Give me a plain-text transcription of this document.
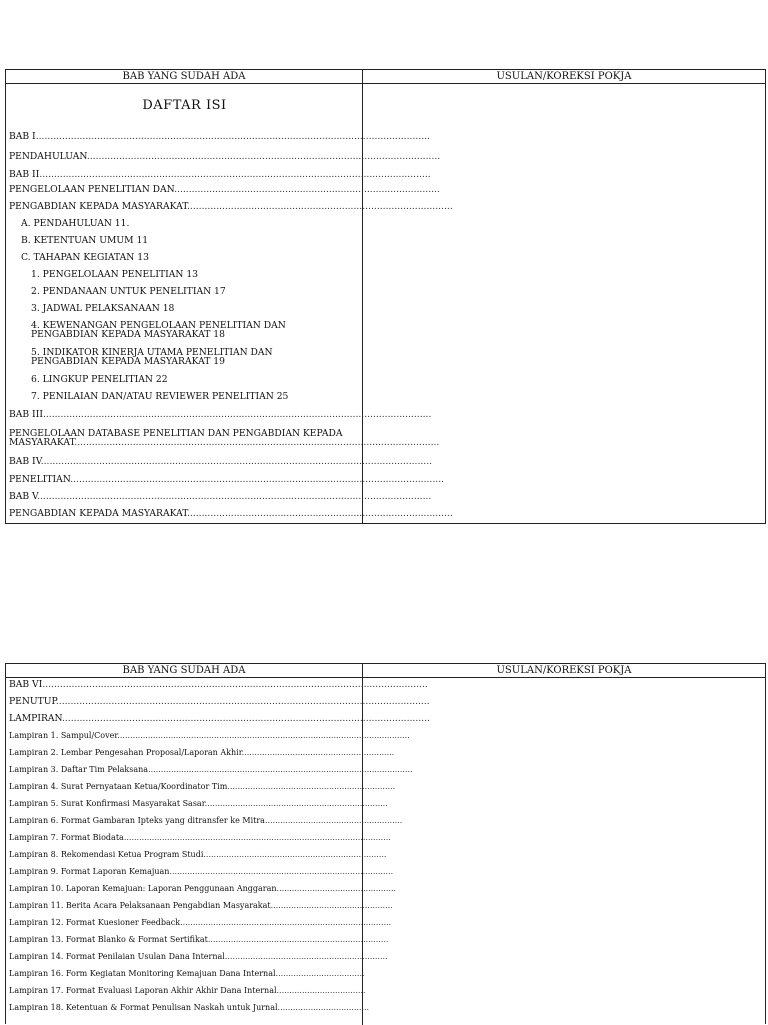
BAB YANG SUDAH ADA	USULAN/KOREKSI POKJA
DAFTAR ISI
BAB I.......................................................................................................................................
PENDAHULUAN.........................................................................................................................
BAB II......................................................................................................................................
PENGELOLAAN PENELITIAN DAN...........................................................................................
PENGABDIAN KEPADA MASYARAKAT...........................................................................................
A. PENDAHULUAN 11.
B. KETENTUAN UMUM 11
C. TAHAPAN KEGIATAN 13
1. PENGELOLAAN PENELITIAN 13
2. PENDANAAN UNTUK PENELITIAN 17
3. JADWAL PELAKSANAAN 18
4. KEWENANGAN PENGELOLAAN PENELITIAN DAN
PENGABDIAN KEPADA MASYARAKAT 18
5. INDIKATOR KINERJA UTAMA PENELITIAN DAN
PENGABDIAN KEPADA MASYARAKAT 19
6. LINGKUP PENELITIAN 22
7. PENILAIAN DAN/ATAU REVIEWER PENELITIAN 25
BAB III.....................................................................................................................................
PENGELOLAAN DATABASE PENELITIAN DAN PENGABDIAN KEPADA
MASYARAKAT.............................................................................................................................
BAB IV......................................................................................................................................
PENELITIAN................................................................................................................................
BAB V.......................................................................................................................................
PENGABDIAN KEPADA MASYARAKAT...........................................................................................
BAB YANG SUDAH ADA	USULAN/KOREKSI POKJA
BAB VI....................................................................................................................................
PENUTUP................................................................................................................................
LAMPIRAN..............................................................................................................................
Lampiran 1. Sampul/Cover...................................................................................................................
Lampiran 2. Lembar Pengesahan Proposal/Laporan Akhir............................................................
Lampiran 3. Daftar Tim Pelaksana........................................................................................................
Lampiran 4. Surat Pernyataan Ketua/Koordinator Tim..................................................................
Lampiran 5. Surat Konfirmasi Masyarakat Sasar........................................................................
Lampiran 6. Format Gambaran Ipteks yang ditransfer ke Mitra......................................................
Lampiran 7. Format Biodata.........................................................................................................
Lampiran 8. Rekomendasi Ketua Program Studi........................................................................
Lampiran 9. Format Laporan Kemajuan........................................................................................
Lampiran 10. Laporan Kemajuan: Laporan Penggunaan Anggaran...............................................
Lampiran 11. Berita Acara Pelaksanaan Pengabdian Masyarakat................................................
Lampiran 12. Format Kuesioner Feedback...................................................................................
Lampiran 13. Format Blanko & Format Sertifikat.......................................................................
Lampiran 14. Format Penilaian Usulan Dana Internal................................................................
Lampiran 16. Form Kegiatan Monitoring Kemajuan Dana Internal...................................
Lampiran 17. Format Evaluasi Laporan Akhir Akhir Dana Internal...................................
Lampiran 18. Ketentuan & Format Penulisan Naskah untuk Jurnal....................................
